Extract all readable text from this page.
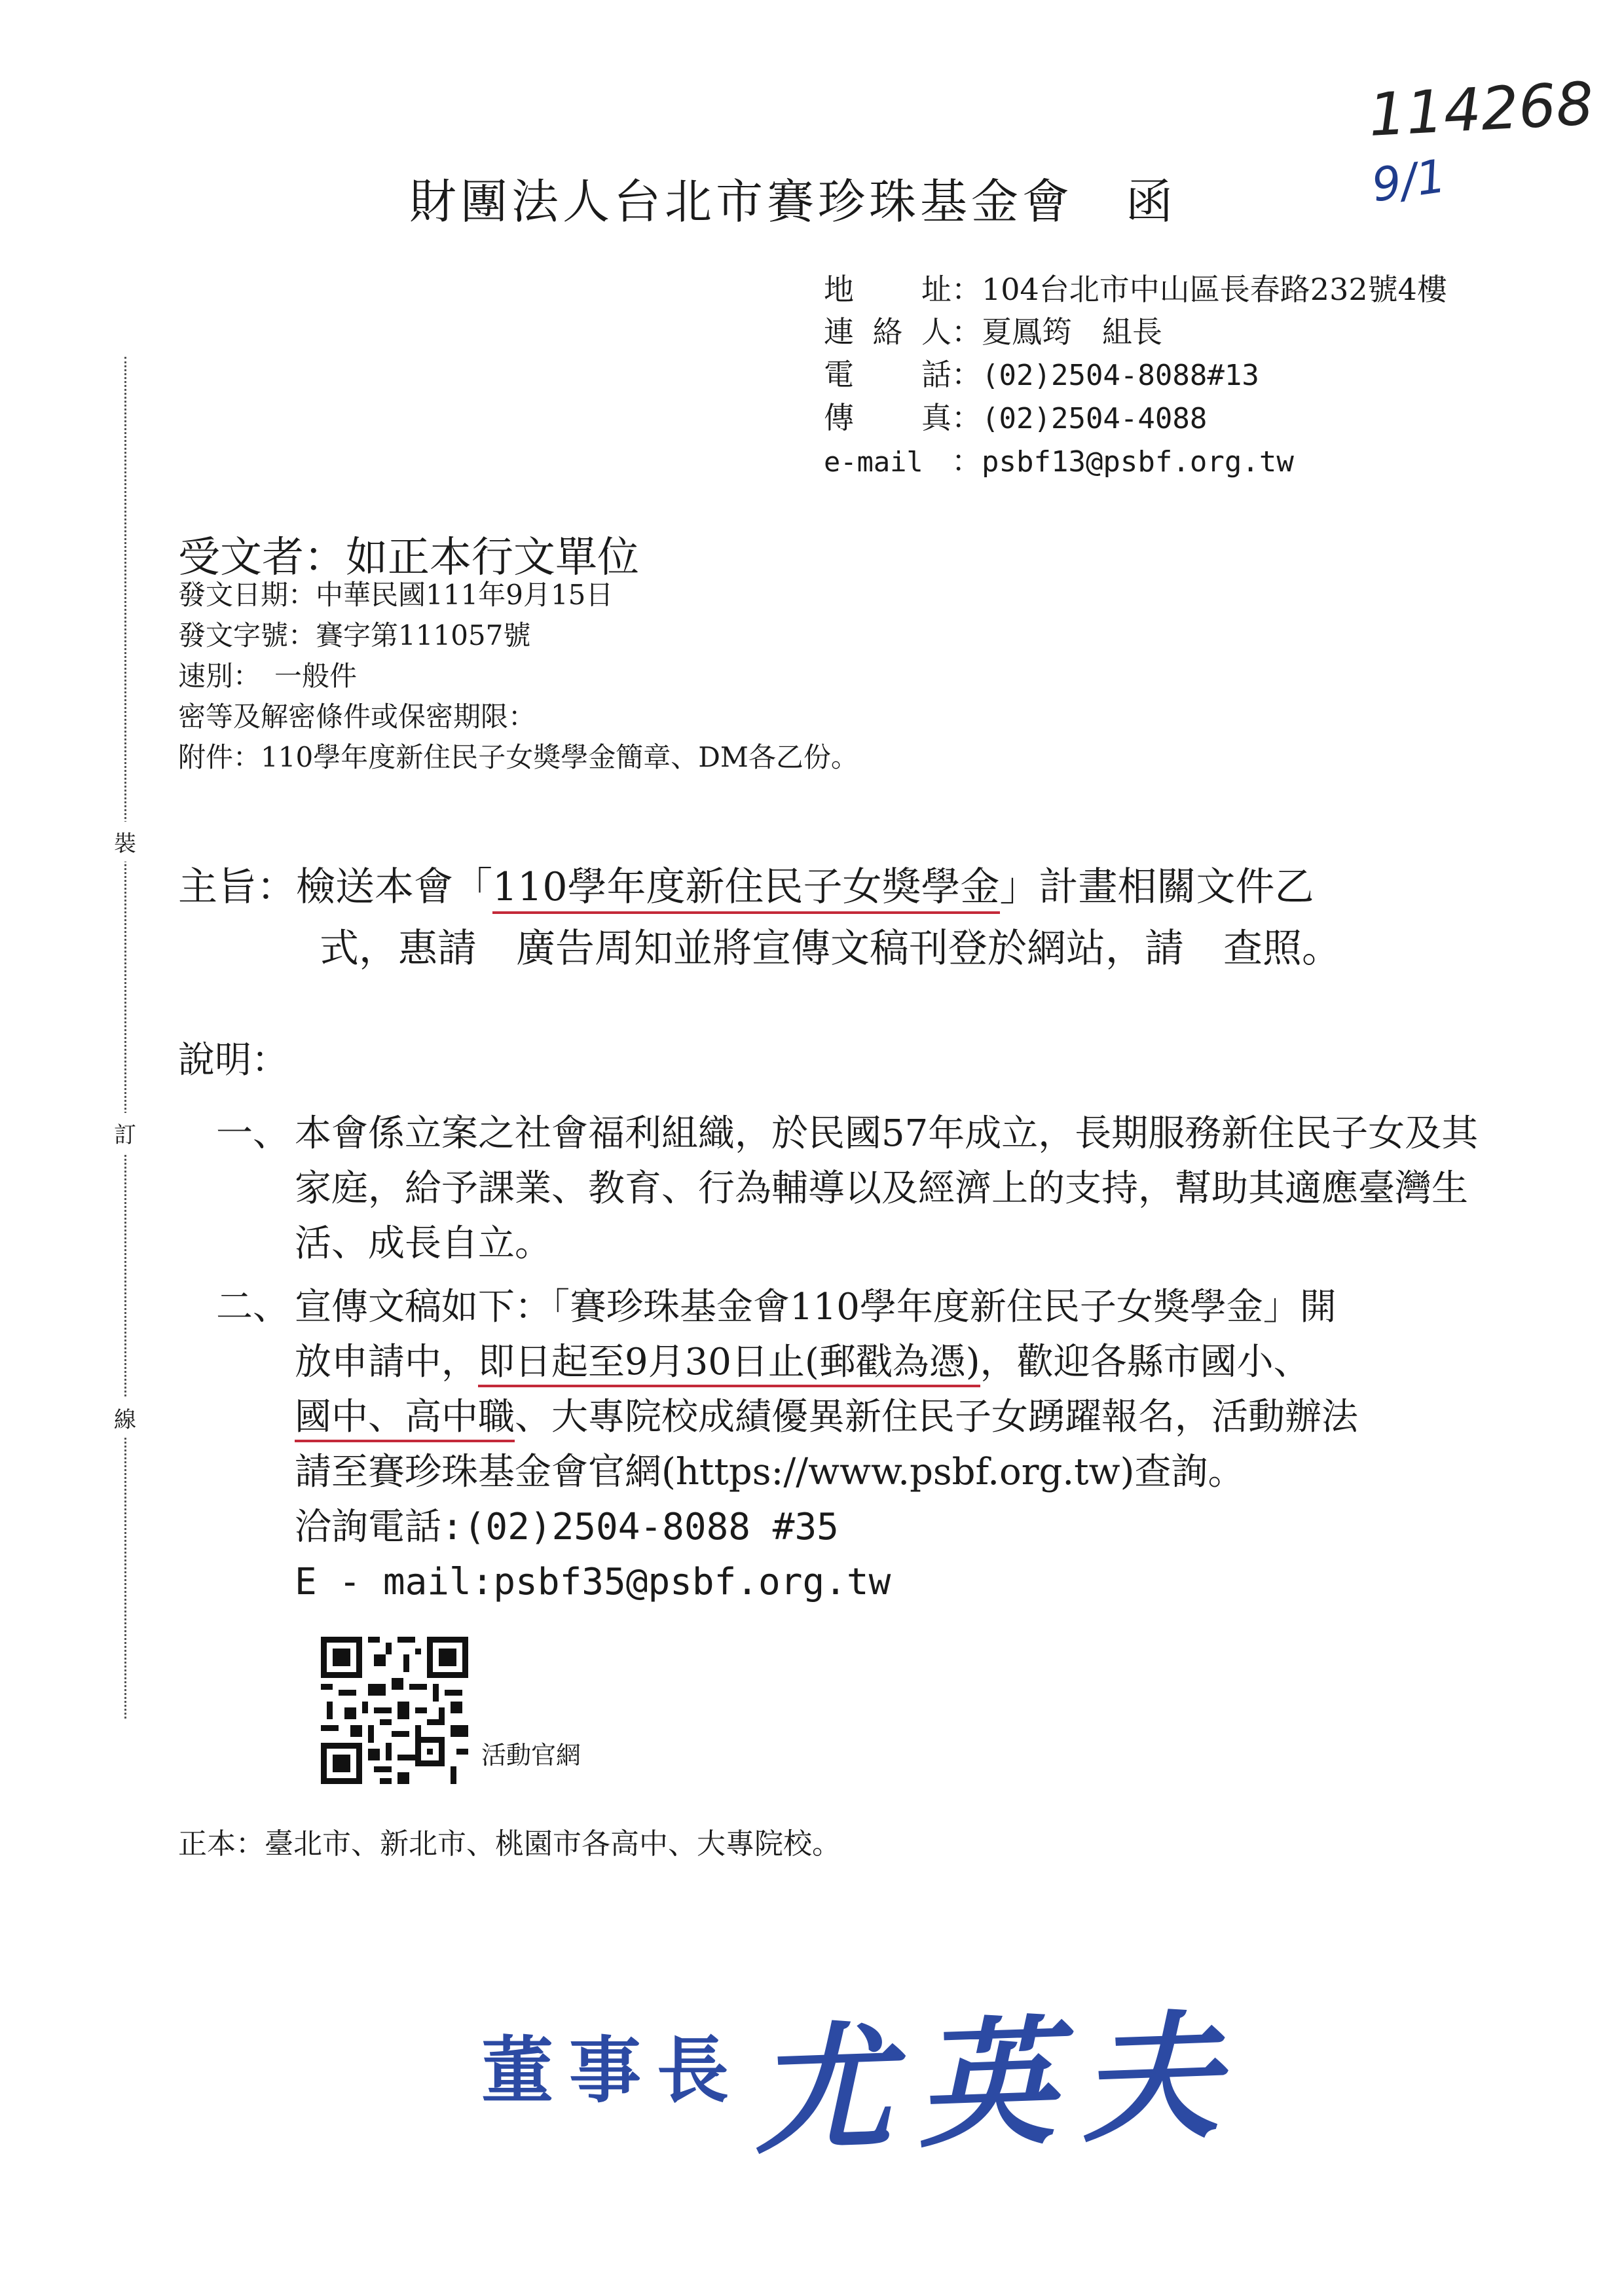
114268
9/1
財團法人台北市賽珍珠基金會 函
地址：104台北市中山區長春路232號4樓
連絡人：夏鳳筠　組長
電話：(02)2504-8088#13
傳真：(02)2504-4088
e-mail ：psbf13@psbf.org.tw
受文者：如正本行文單位
發文日期：中華民國111年9月15日
發文字號：賽字第111057號
速別：　一般件
密等及解密條件或保密期限：
附件：110學年度新住民子女獎學金簡章、DM各乙份。
裝
訂
線
主旨：檢送本會「110學年度新住民子女獎學金」計畫相關文件乙
式，惠請　廣告周知並將宣傳文稿刊登於網站，請　查照。
說明：
一、 本會係立案之社會福利組織，於民國57年成立，長期服務新住民子女及其家庭，給予課業、教育、行為輔導以及經濟上的支持，幫助其適應臺灣生活、成長自立。
二、 宣傳文稿如下：「賽珍珠基金會110學年度新住民子女獎學金」開
放申請中，即日起至9月30日止(郵戳為憑)，歡迎各縣市國小、
國中、高中職、大專院校成績優異新住民子女踴躍報名，活動辦法
請至賽珍珠基金會官網(https://www.psbf.org.tw)查詢。
洽詢電話:(02)2504-8088 #35
E - mail:psbf35@psbf.org.tw
活動官網
正本：臺北市、新北市、桃園市各高中、大專院校。
董事長 尤英夫
